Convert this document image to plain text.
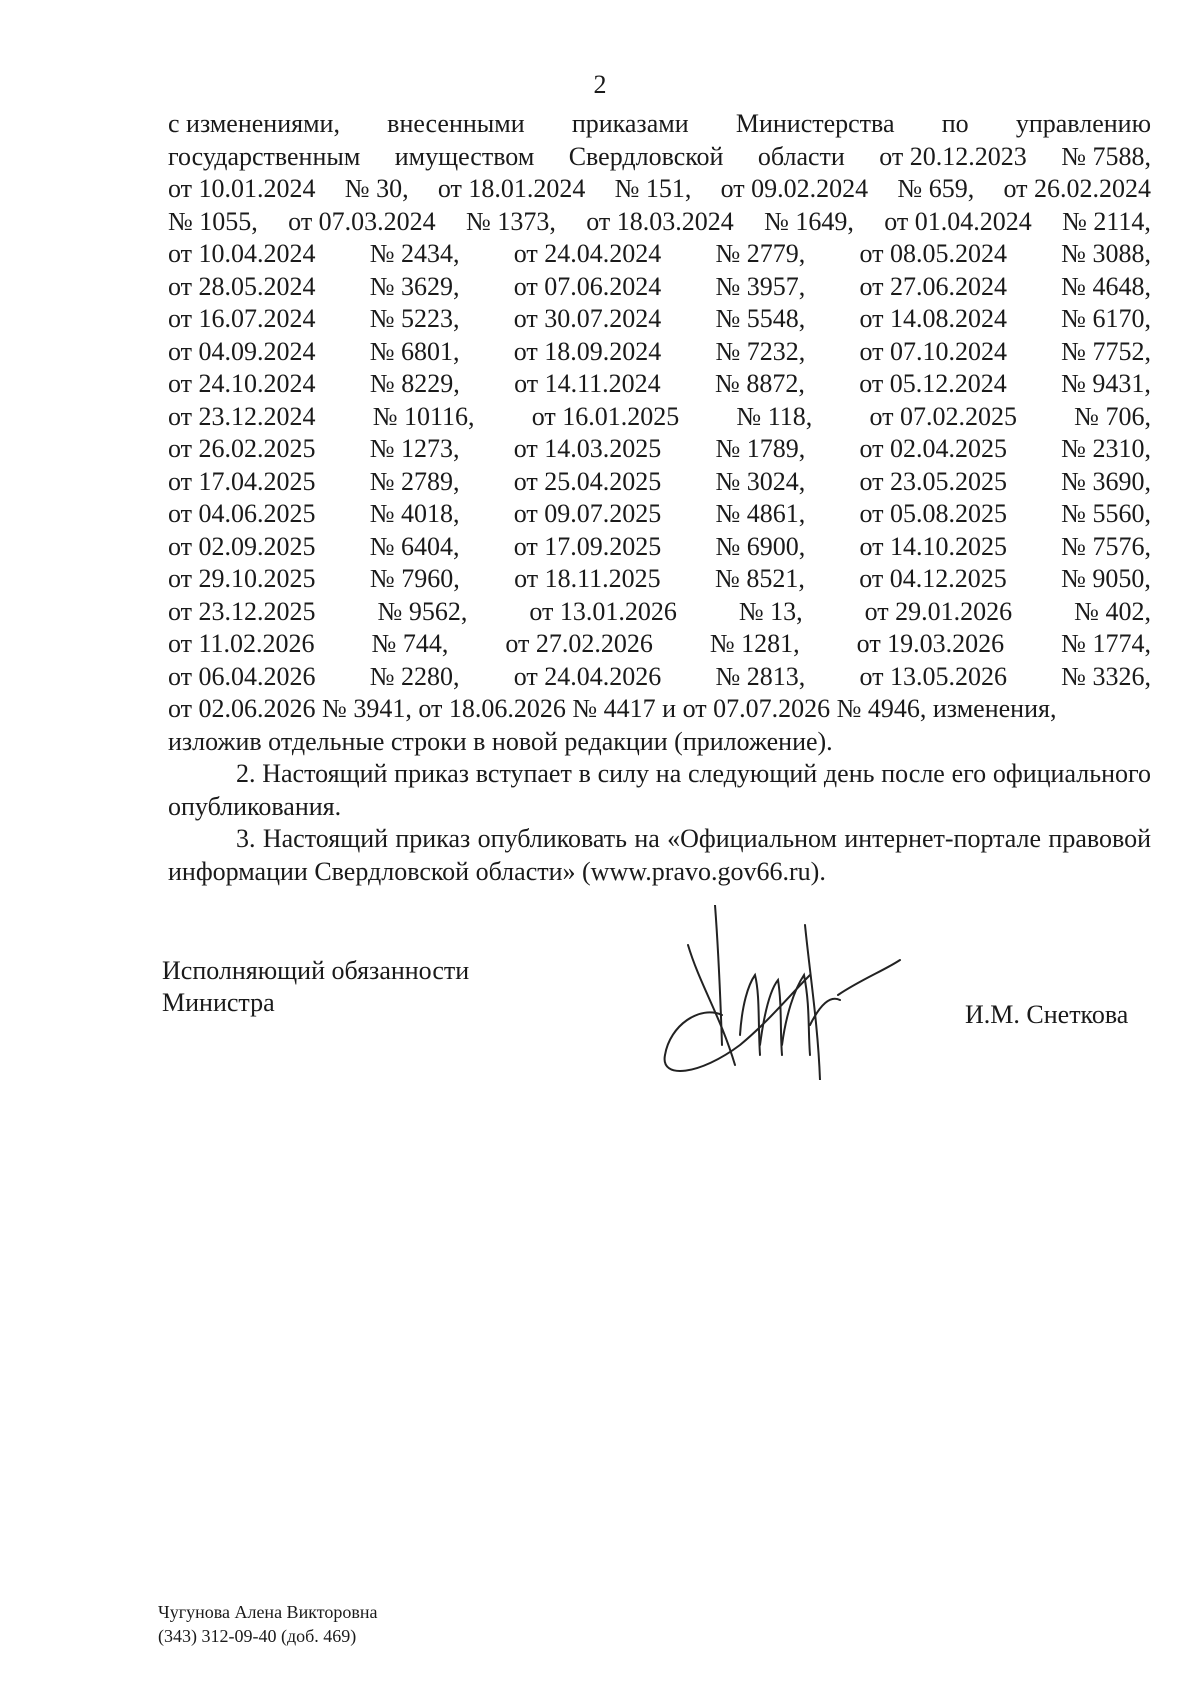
2
с изменениями, внесенными приказами Министерства по управлению
государственным имуществом Свердловской области от 20.12.2023 № 7588,
от 10.01.2024 № 30, от 18.01.2024 № 151, от 09.02.2024 № 659, от 26.02.2024
№ 1055, от 07.03.2024 № 1373, от 18.03.2024 № 1649, от 01.04.2024 № 2114,
от 10.04.2024 № 2434, от 24.04.2024 № 2779, от 08.05.2024 № 3088,
от 28.05.2024 № 3629, от 07.06.2024 № 3957, от 27.06.2024 № 4648,
от 16.07.2024 № 5223, от 30.07.2024 № 5548, от 14.08.2024 № 6170,
от 04.09.2024 № 6801, от 18.09.2024 № 7232, от 07.10.2024 № 7752,
от 24.10.2024 № 8229, от 14.11.2024 № 8872, от 05.12.2024 № 9431,
от 23.12.2024 № 10116, от 16.01.2025 № 118, от 07.02.2025 № 706,
от 26.02.2025 № 1273, от 14.03.2025 № 1789, от 02.04.2025 № 2310,
от 17.04.2025 № 2789, от 25.04.2025 № 3024, от 23.05.2025 № 3690,
от 04.06.2025 № 4018, от 09.07.2025 № 4861, от 05.08.2025 № 5560,
от 02.09.2025 № 6404, от 17.09.2025 № 6900, от 14.10.2025 № 7576,
от 29.10.2025 № 7960, от 18.11.2025 № 8521, от 04.12.2025 № 9050,
от 23.12.2025 № 9562, от 13.01.2026 № 13, от 29.01.2026 № 402,
от 11.02.2026 № 744, от 27.02.2026 № 1281, от 19.03.2026 № 1774,
от 06.04.2026 № 2280, от 24.04.2026 № 2813, от 13.05.2026 № 3326,
от 02.06.2026 № 3941, от 18.06.2026 № 4417 и от 07.07.2026 № 4946, изменения,
изложив отдельные строки в новой редакции (приложение).
2. Настоящий приказ вступает в силу на следующий день после его официального опубликования.
3. Настоящий приказ опубликовать на «Официальном интернет-портале правовой информации Свердловской области» (www.pravo.gov66.ru).
Исполняющий обязанности
Министра	И.М. Снеткова
Чугунова Алена Викторовна
(343) 312-09-40 (доб. 469)
